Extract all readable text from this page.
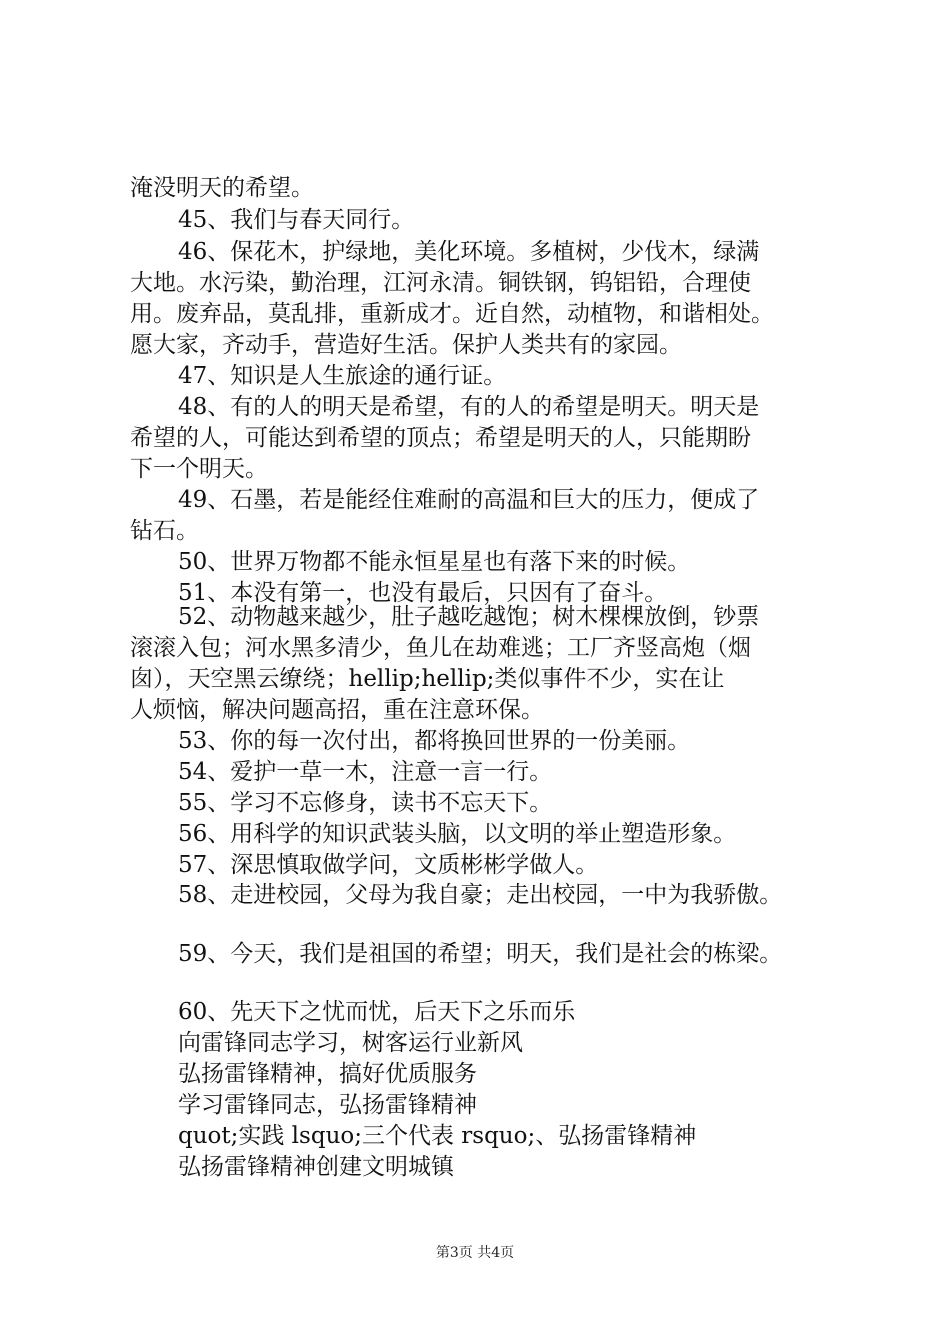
淹没明天的希望。
45、我们与春天同行。
46、保花木，护绿地，美化环境。多植树，少伐木，绿满
大地。水污染，勤治理，江河永清。铜铁钢，钨铝铅，合理使
用。废弃品，莫乱排，重新成才。近自然，动植物，和谐相处。
愿大家，齐动手，营造好生活。保护人类共有的家园。
47、知识是人生旅途的通行证。
48、有的人的明天是希望，有的人的希望是明天。明天是
希望的人，可能达到希望的顶点；希望是明天的人，只能期盼
下一个明天。
49、石墨，若是能经住难耐的高温和巨大的压力，便成了
钻石。
50、世界万物都不能永恒星星也有落下来的时候。
51、本没有第一，也没有最后，只因有了奋斗。
52、动物越来越少，肚子越吃越饱；树木棵棵放倒，钞票
滚滚入包；河水黑多清少，鱼儿在劫难逃；工厂齐竖高炮（烟
囱），天空黑云缭绕；hellip;hellip;类似事件不少，实在让
人烦恼，解决问题高招，重在注意环保。
53、你的每一次付出，都将换回世界的一份美丽。
54、爱护一草一木，注意一言一行。
55、学习不忘修身，读书不忘天下。
56、用科学的知识武装头脑，以文明的举止塑造形象。
57、深思慎取做学问，文质彬彬学做人。
58、走进校园，父母为我自豪；走出校园，一中为我骄傲。
59、今天，我们是祖国的希望；明天，我们是社会的栋梁。
60、先天下之忧而忧，后天下之乐而乐
向雷锋同志学习，树客运行业新风
弘扬雷锋精神，搞好优质服务
学习雷锋同志，弘扬雷锋精神
quot;实践 lsquo;三个代表 rsquo;、弘扬雷锋精神
弘扬雷锋精神创建文明城镇
第3页 共4页
